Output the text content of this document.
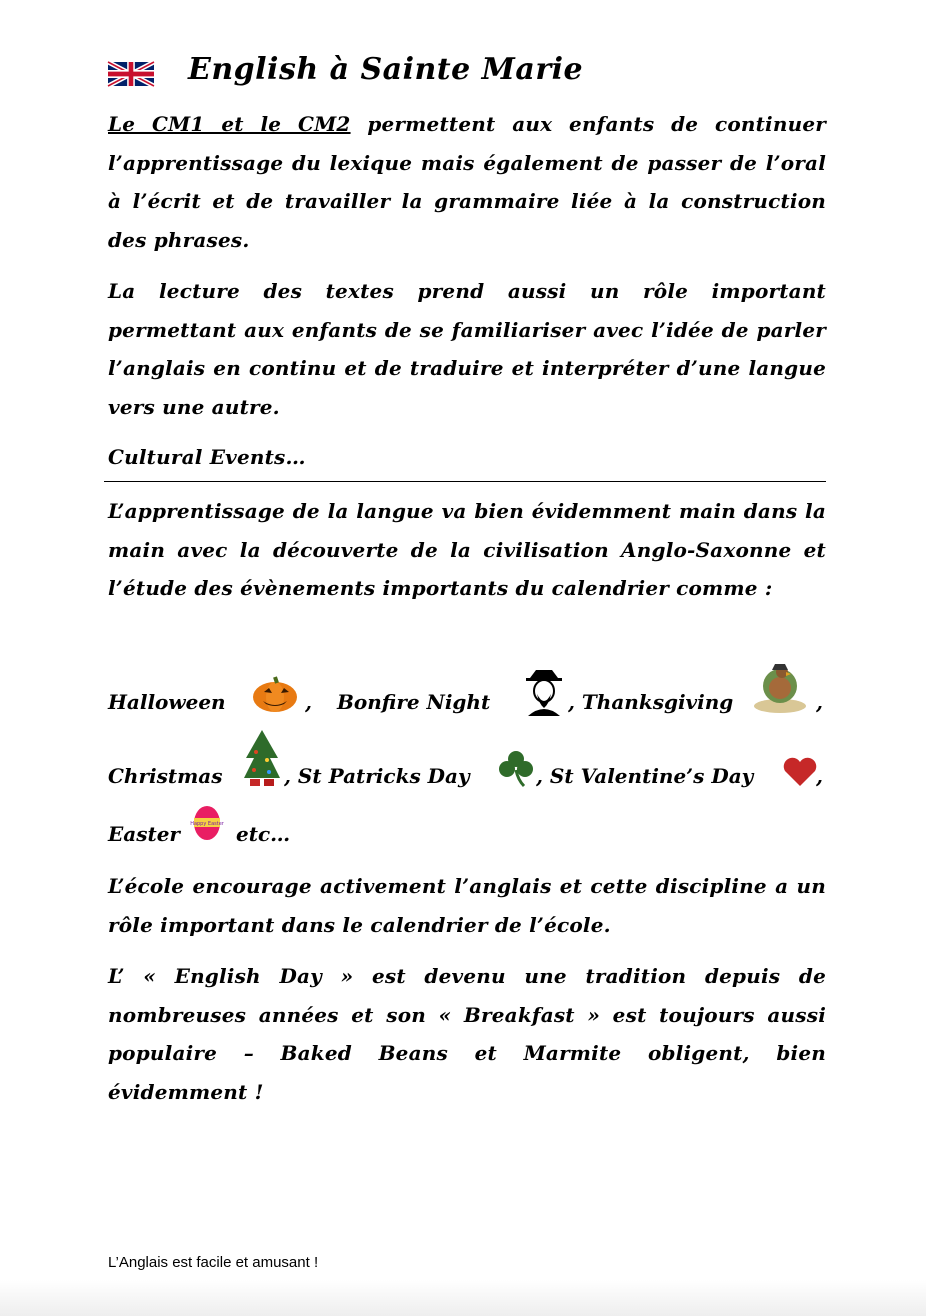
English à Sainte Marie
Le CM1 et le CM2 permettent aux enfants de continuer l’apprentissage du lexique mais également de passer de l’oral à l’écrit et de travailler la grammaire liée à la construction des phrases.
La lecture des textes prend aussi un rôle important permettant aux enfants de se familiariser avec l’idée de parler l’anglais en continu et de traduire et interpréter d’une langue vers une autre.
Cultural Events…
L’apprentissage de la langue va bien évidemment main dans la main avec la découverte de la civilisation Anglo-Saxonne et l’étude des évènements importants du calendrier comme :
Halloween	, Bonfire Night	, Thanksgiving	,
Christmas	, St Patricks Day	, St Valentine’s Day	,
Easter Happy Easter etc…
L’école encourage activement l’anglais et cette discipline a un rôle important dans le calendrier de l’école.
L’ « English Day » est devenu une tradition depuis de nombreuses années et son « Breakfast » est toujours aussi populaire – Baked Beans et Marmite obligent, bien évidemment !
L’Anglais est facile et amusant !
